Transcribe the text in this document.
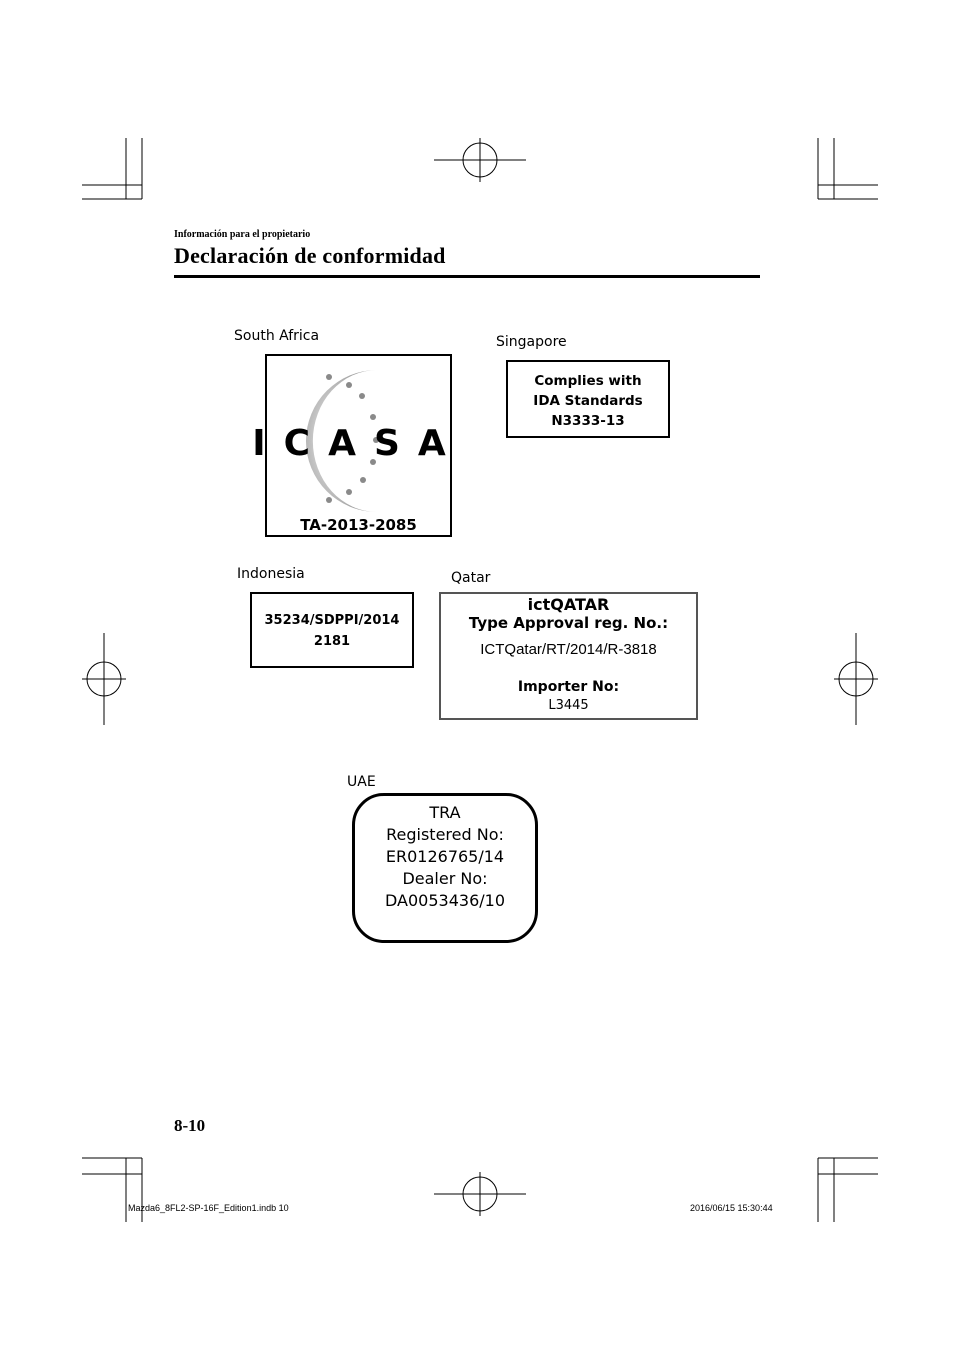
Información para el propietario
Declaración de conformidad
South Africa
ICASA
TA-2013-2085
Singapore
Complies with
IDA Standards
N3333-13
Indonesia
35234/SDPPI/2014
2181
Qatar
ictQATAR
Type Approval reg. No.:
ICTQatar/RT/2014/R-3818
Importer No:
L3445
UAE
TRA
Registered No:
ER0126765/14
Dealer No:
DA0053436/10
8-10
Mazda6_8FL2-SP-16F_Edition1.indb 10	2016/06/15 15:30:44
